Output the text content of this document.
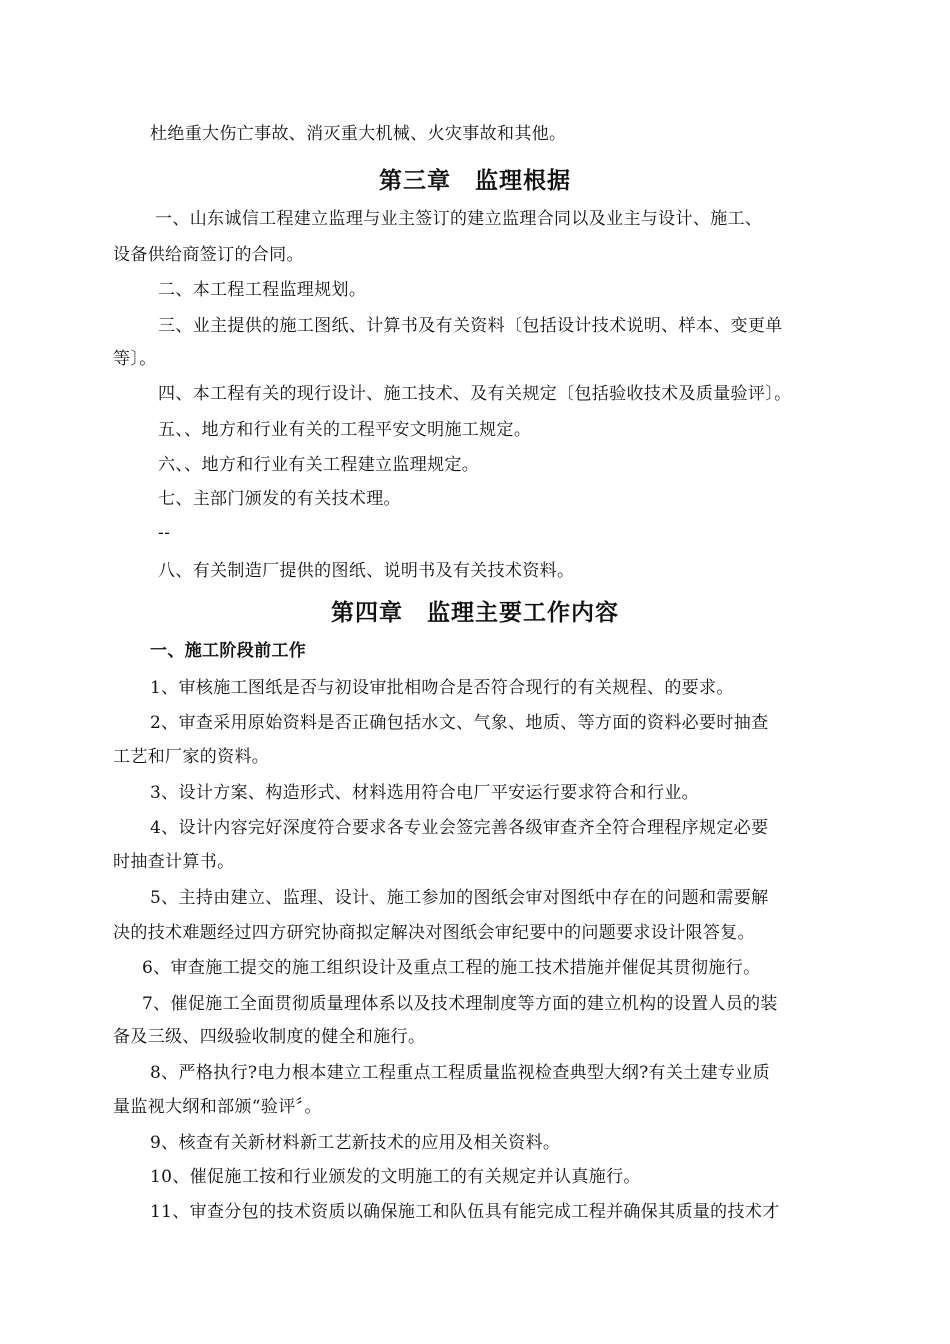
杜绝重大伤亡事故、消灭重大机械、火灾事故和其他。
第三章　监理根据
一、山东诚信工程建立监理与业主签订的建立监理合同以及业主与设计、施工、
设备供给商签订的合同。
二、本工程工程监理规划。
三、业主提供的施工图纸、计算书及有关资料〔包括设计技术说明、样本、变更单
等〕。
四、本工程有关的现行设计、施工技术、及有关规定〔包括验收技术及质量验评〕。
五、、地方和行业有关的工程平安文明施工规定。
六、、地方和行业有关工程建立监理规定。
七、主部门颁发的有关技术理。
--
八、有关制造厂提供的图纸、说明书及有关技术资料。
第四章　监理主要工作内容
一、施工阶段前工作
1、审核施工图纸是否与初设审批相吻合是否符合现行的有关规程、的要求。
2、审查采用原始资料是否正确包括水文、气象、地质、等方面的资料必要时抽查
工艺和厂家的资料。
3、设计方案、构造形式、材料选用符合电厂平安运行要求符合和行业。
4、设计内容完好深度符合要求各专业会签完善各级审查齐全符合理程序规定必要
时抽查计算书。
5、主持由建立、监理、设计、施工参加的图纸会审对图纸中存在的问题和需要解
决的技术难题经过四方研究协商拟定解决对图纸会审纪要中的问题要求设计限答复。
6、审查施工提交的施工组织设计及重点工程的施工技术措施并催促其贯彻施行。
7、催促施工全面贯彻质量理体系以及技术理制度等方面的建立机构的设置人员的装
备及三级、四级验收制度的健全和施行。
8、严格执行?电力根本建立工程重点工程质量监视检查典型大纲?有关土建专业质
量监视大纲和部颁“验评〞。
9、核查有关新材料新工艺新技术的应用及相关资料。
10、催促施工按和行业颁发的文明施工的有关规定并认真施行。
11、审查分包的技术资质以确保施工和队伍具有能完成工程并确保其质量的技术才
